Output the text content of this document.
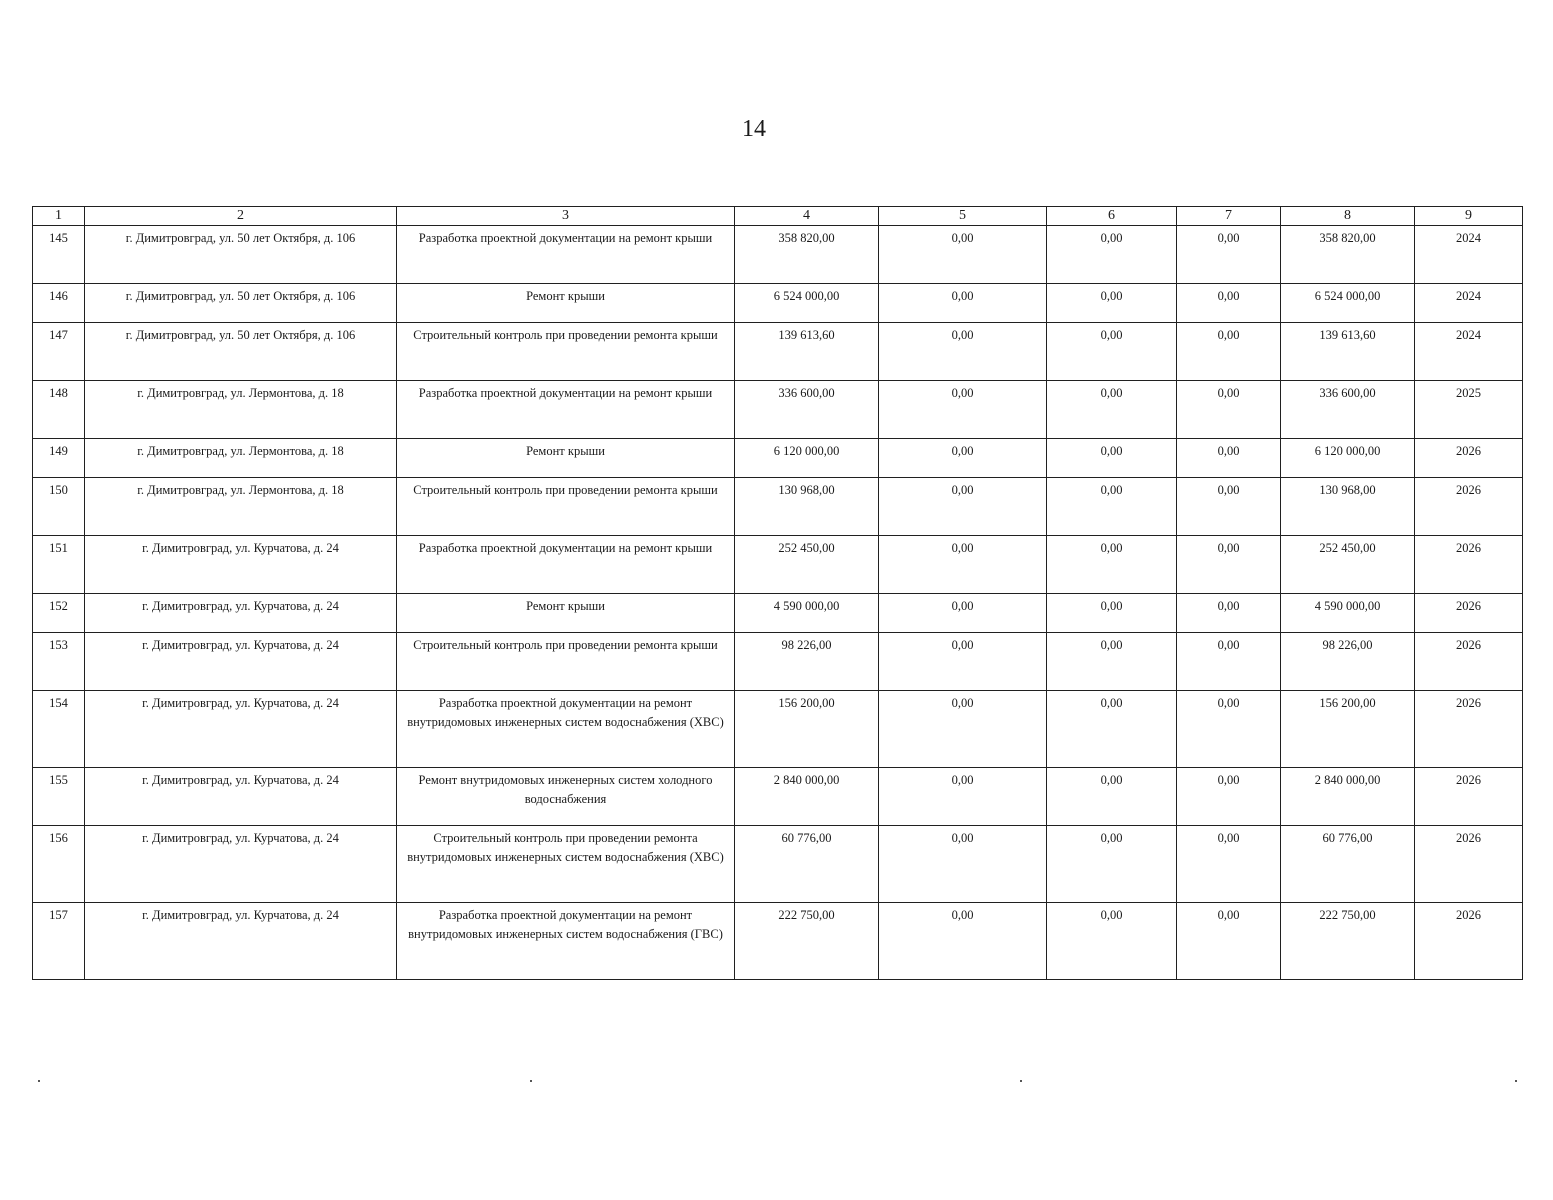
14
1	2	3	4	5	6	7	8	9
145	г. Димитровград, ул. 50 лет Октября, д. 106	Разработка проектной документации на ремонт крыши	358 820,00	0,00	0,00	0,00	358 820,00	2024
146	г. Димитровград, ул. 50 лет Октября, д. 106	Ремонт крыши	6 524 000,00	0,00	0,00	0,00	6 524 000,00	2024
147	г. Димитровград, ул. 50 лет Октября, д. 106	Строительный контроль при проведении ремонта крыши	139 613,60	0,00	0,00	0,00	139 613,60	2024
148	г. Димитровград, ул. Лермонтова, д. 18	Разработка проектной документации на ремонт крыши	336 600,00	0,00	0,00	0,00	336 600,00	2025
149	г. Димитровград, ул. Лермонтова, д. 18	Ремонт крыши	6 120 000,00	0,00	0,00	0,00	6 120 000,00	2026
150	г. Димитровград, ул. Лермонтова, д. 18	Строительный контроль при проведении ремонта крыши	130 968,00	0,00	0,00	0,00	130 968,00	2026
151	г. Димитровград, ул. Курчатова, д. 24	Разработка проектной документации на ремонт крыши	252 450,00	0,00	0,00	0,00	252 450,00	2026
152	г. Димитровград, ул. Курчатова, д. 24	Ремонт крыши	4 590 000,00	0,00	0,00	0,00	4 590 000,00	2026
153	г. Димитровград, ул. Курчатова, д. 24	Строительный контроль при проведении ремонта крыши	98 226,00	0,00	0,00	0,00	98 226,00	2026
154	г. Димитровград, ул. Курчатова, д. 24	Разработка проектной документации на ремонт внутридомовых инженерных систем водоснабжения (ХВС)	156 200,00	0,00	0,00	0,00	156 200,00	2026
155	г. Димитровград, ул. Курчатова, д. 24	Ремонт внутридомовых инженерных систем холодного водоснабжения	2 840 000,00	0,00	0,00	0,00	2 840 000,00	2026
156	г. Димитровград, ул. Курчатова, д. 24	Строительный контроль при проведении ремонта внутридомовых инженерных систем водоснабжения (ХВС)	60 776,00	0,00	0,00	0,00	60 776,00	2026
157	г. Димитровград, ул. Курчатова, д. 24	Разработка проектной документации на ремонт внутридомовых инженерных систем водоснабжения (ГВС)	222 750,00	0,00	0,00	0,00	222 750,00	2026
